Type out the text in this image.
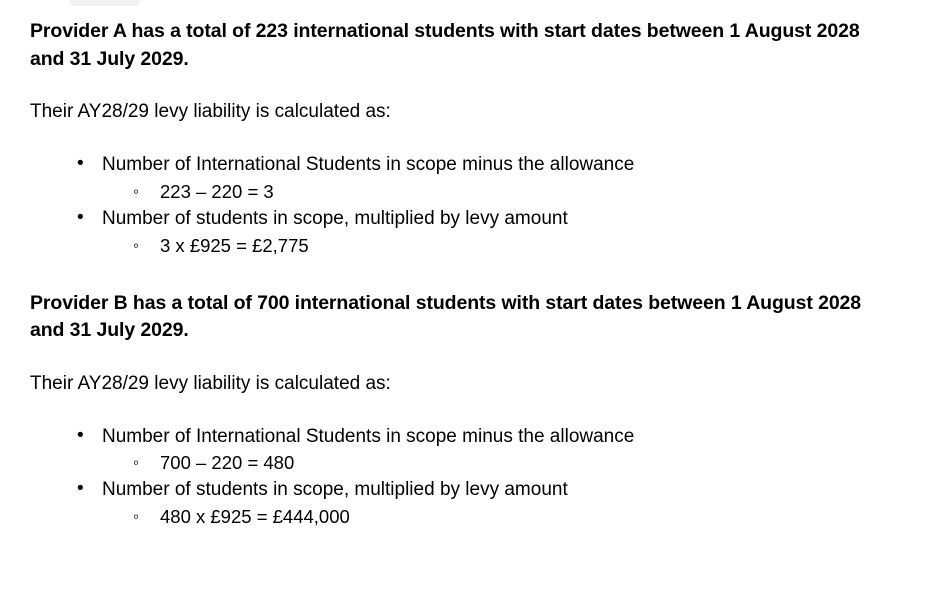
Provider A has a total of 223 international students with start dates between 1 August 2028 and 31 July 2029.

Their AY28/29 levy liability is calculated as:

• Number of International Students in scope minus the allowance
◦ 223 – 220 = 3
• Number of students in scope, multiplied by levy amount
◦ 3 x £925 = £2,775

Provider B has a total of 700 international students with start dates between 1 August 2028 and 31 July 2029.

Their AY28/29 levy liability is calculated as:

• Number of International Students in scope minus the allowance
◦ 700 – 220 = 480
• Number of students in scope, multiplied by levy amount
◦ 480 x £925 = £444,000
